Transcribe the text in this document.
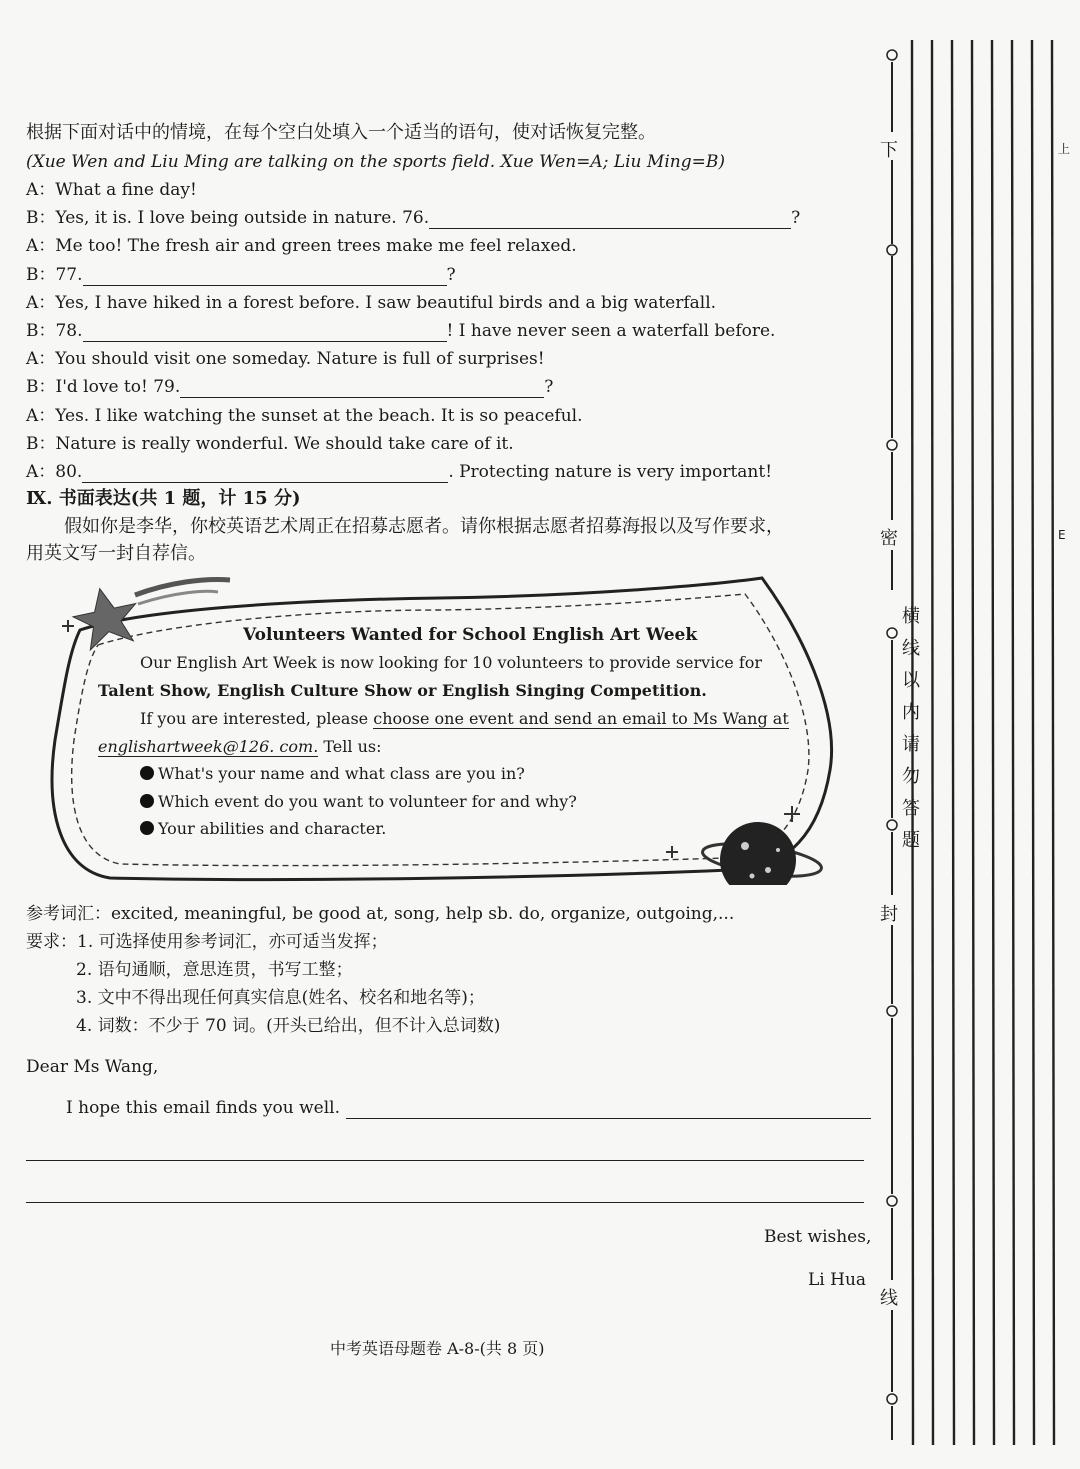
根据下面对话中的情境，在每个空白处填入一个适当的语句，使对话恢复完整。
(Xue Wen and Liu Ming are talking on the sports field. Xue Wen=A; Liu Ming=B)
A：What a fine day!
B：Yes, it is. I love being outside in nature. 76.	?
A：Me too! The fresh air and green trees make me feel relaxed.
B：77.	?
A：Yes, I have hiked in a forest before. I saw beautiful birds and a big waterfall.
B：78.	! I have never seen a waterfall before.
A：You should visit one someday. Nature is full of surprises!
B：I'd love to! 79.	?
A：Yes. I like watching the sunset at the beach. It is so peaceful.
B：Nature is really wonderful. We should take care of it.
A：80.	. Protecting nature is very important!
Ⅸ. 书面表达(共 1 题，计 15 分)
假如你是李华，你校英语艺术周正在招募志愿者。请你根据志愿者招募海报以及写作要求，
用英文写一封自荐信。
Volunteers Wanted for School English Art Week
Our English Art Week is now looking for 10 volunteers to provide service for
Talent Show, English Culture Show or English Singing Competition.
If you are interested, please choose one event and send an email to Ms Wang at
englishartweek@126. com. Tell us:
What's your name and what class are you in?
Which event do you want to volunteer for and why?
Your abilities and character.
参考词汇：excited, meaningful, be good at, song, help sb. do, organize, outgoing,...
要求：1. 可选择使用参考词汇，亦可适当发挥；
2. 语句通顺，意思连贯，书写工整；
3. 文中不得出现任何真实信息(姓名、校名和地名等)；
4. 词数：不少于 70 词。(开头已给出，但不计入总词数)
Dear Ms Wang,
I hope this email finds you well.
Best wishes,
Li Hua
中考英语母题卷 A-8-(共 8 页)
下
密
封
线
横
线
以
内
请
勿
答
题
上
E
